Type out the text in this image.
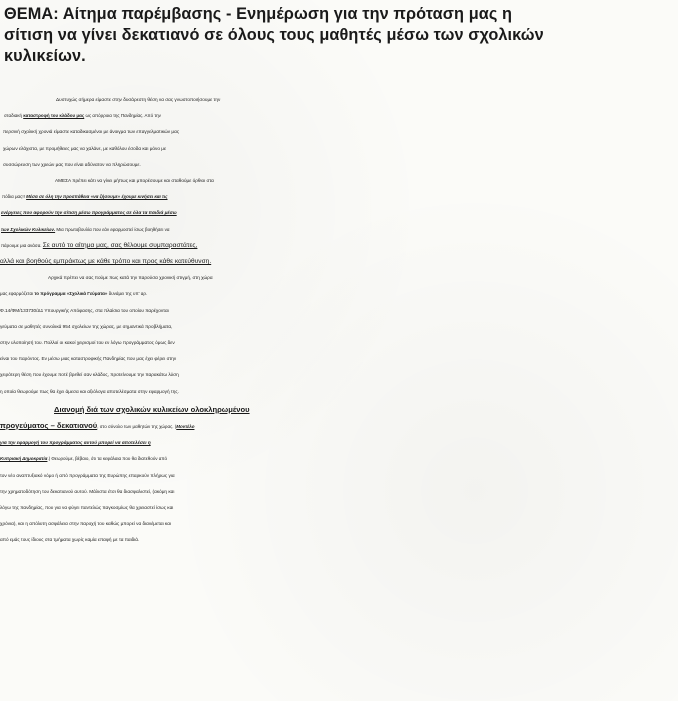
ΘΕΜΑ: Αίτημα παρέμβασης - Ενημέρωση για την πρόταση μας η

σίτιση να γίνει δεκατιανό σε όλους τους μαθητές μέσω των σχολικών

κυλικείων.

Δυστυχώς σήμερα είμαστε στην δυσάρεστη θέση να σας γνωστοποιήσουμε την

σταδιακή καταστροφή του κλάδου μας ως απόρροια της Πανδημίας. Από την

περσινή σχολική χρονιά είμαστε καταδικασμένοι με άνοιγμα των επαγγελματικών μας

χώρων ελάχιστα, με προμήθειες μας να χαλάνε, με καθόλου έσοδα και μόνο με

συσσώρευση των χρεών μας που είναι αδύνατον να πληρώσουμε.

ΑΜΕΣΑ πρέπει κάτι να γίνει μήπως και μπορέσουμε και σταθούμε όρθιοι στα

πόδια μας!! Μέσα σε όλη την προσπάθεια «να ζήσουμε» έχουμε κινήσει και τις

ενέργειες που αφορούν την σίτιση μέσω προγράμματος σε όλα τα παιδιά μέσω

των Σχολικών Κυλικείων. Μια πρωτοβουλία που εάν εφαρμοστεί ίσως βοηθήσει να

πάρουμε μια ανάσα. Σε αυτό το αίτημα μας, σας θέλουμε συμπαραστάτες,

αλλά και βοηθούς εμπράκτως με κάθε τρόπο και προς κάθε κατεύθυνση.

Αρχικά πρέπει να σας πούμε πως κατά την παρούσα χρονική στιγμή, στη χώρα

μας εφαρμόζεται το πρόγραμμα «Σχολικά Γεύματα» δυνάμει της υπ' αρ.

Φ.14/ΦΜ/133730/Δ1 Υπουργικής Απόφασης, στα πλαίσια του οποίου παρέχονται

γεύματα σε μαθητές συνολικά 954 σχολείων της χώρας, με σημαντικά προβλήματα,

στην υλοποίησή του. Πολλοί οι κακοί χειρισμοί του εν λόγω προγράμματος όμως δεν

είναι του παρόντος. Εν μέσω μιας καταστροφικής Πανδημίας που μας έχει φέρει στην

χειρότερη θέση που έχουμε ποτέ βρεθεί σαν κλάδος, προτείνουμε την παρακάτω λύση

η οποία θεωρούμε πως θα έχει άμεσα και αξιόλογα αποτελέσματα στην εφαρμογή της.

Διανομή διά των σχολικών κυλικείων ολοκληρωμένου

προγεύματος – δεκατιανού, στο σύνολο των μαθητών της χώρας. (Μοντέλο

για την εφαρμογή του προγράμματος αυτού μπορεί να αποτελέσει η

Κυπριακή Δημοκρατία.) Θεωρούμε, βέβαιο, ότι τα κεφάλαια που θα διατεθούν από

τον νέο αναπτυξιακό νόμο ή από προγράμματα της Ευρώπης επαρκούν πλήρως για

την χρηματοδότηση του δεκατιανού αυτού. Μάλιστα έτσι θα διασφαλιστεί, (ακόμη και

λόγω της πανδημίας, που για να φύγει παντελώς παγκοσμίως θα χρειαστεί ίσως και

χρόνια), και η απόλυτη ασφάλεια στην παροχή του καθώς μπορεί να διανέμεται και

από εμάς τους ίδιους στα τμήματα χωρίς καμία επαφή με τα παιδιά.
